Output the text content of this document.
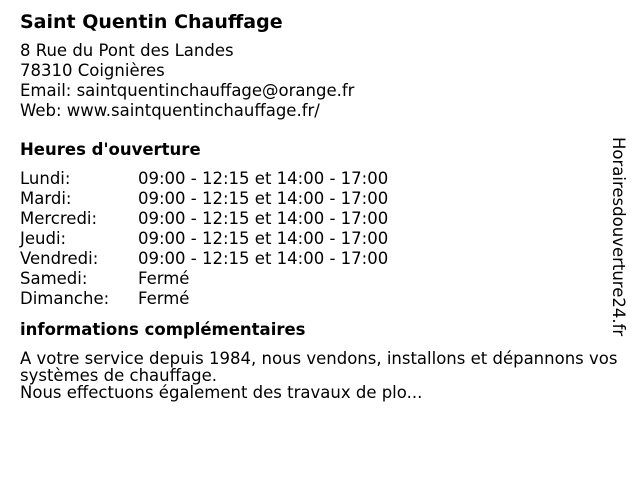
Saint Quentin Chauffage
8 Rue du Pont des Landes
78310 Coignières
Email: saintquentinchauffage@orange.fr
Web: www.saintquentinchauffage.fr/
Heures d'ouverture
Lundi:	09:00 - 12:15 et 14:00 - 17:00
Mardi:	09:00 - 12:15 et 14:00 - 17:00
Mercredi:	09:00 - 12:15 et 14:00 - 17:00
Jeudi:	09:00 - 12:15 et 14:00 - 17:00
Vendredi:	09:00 - 12:15 et 14:00 - 17:00
Samedi:	Fermé
Dimanche:	Fermé
informations complémentaires

A votre service depuis 1984, nous vendons, installons et dépannons vos systèmes de chauffage.

Nous effectuons également des travaux de plo...

Horairesdouverture24.fr
